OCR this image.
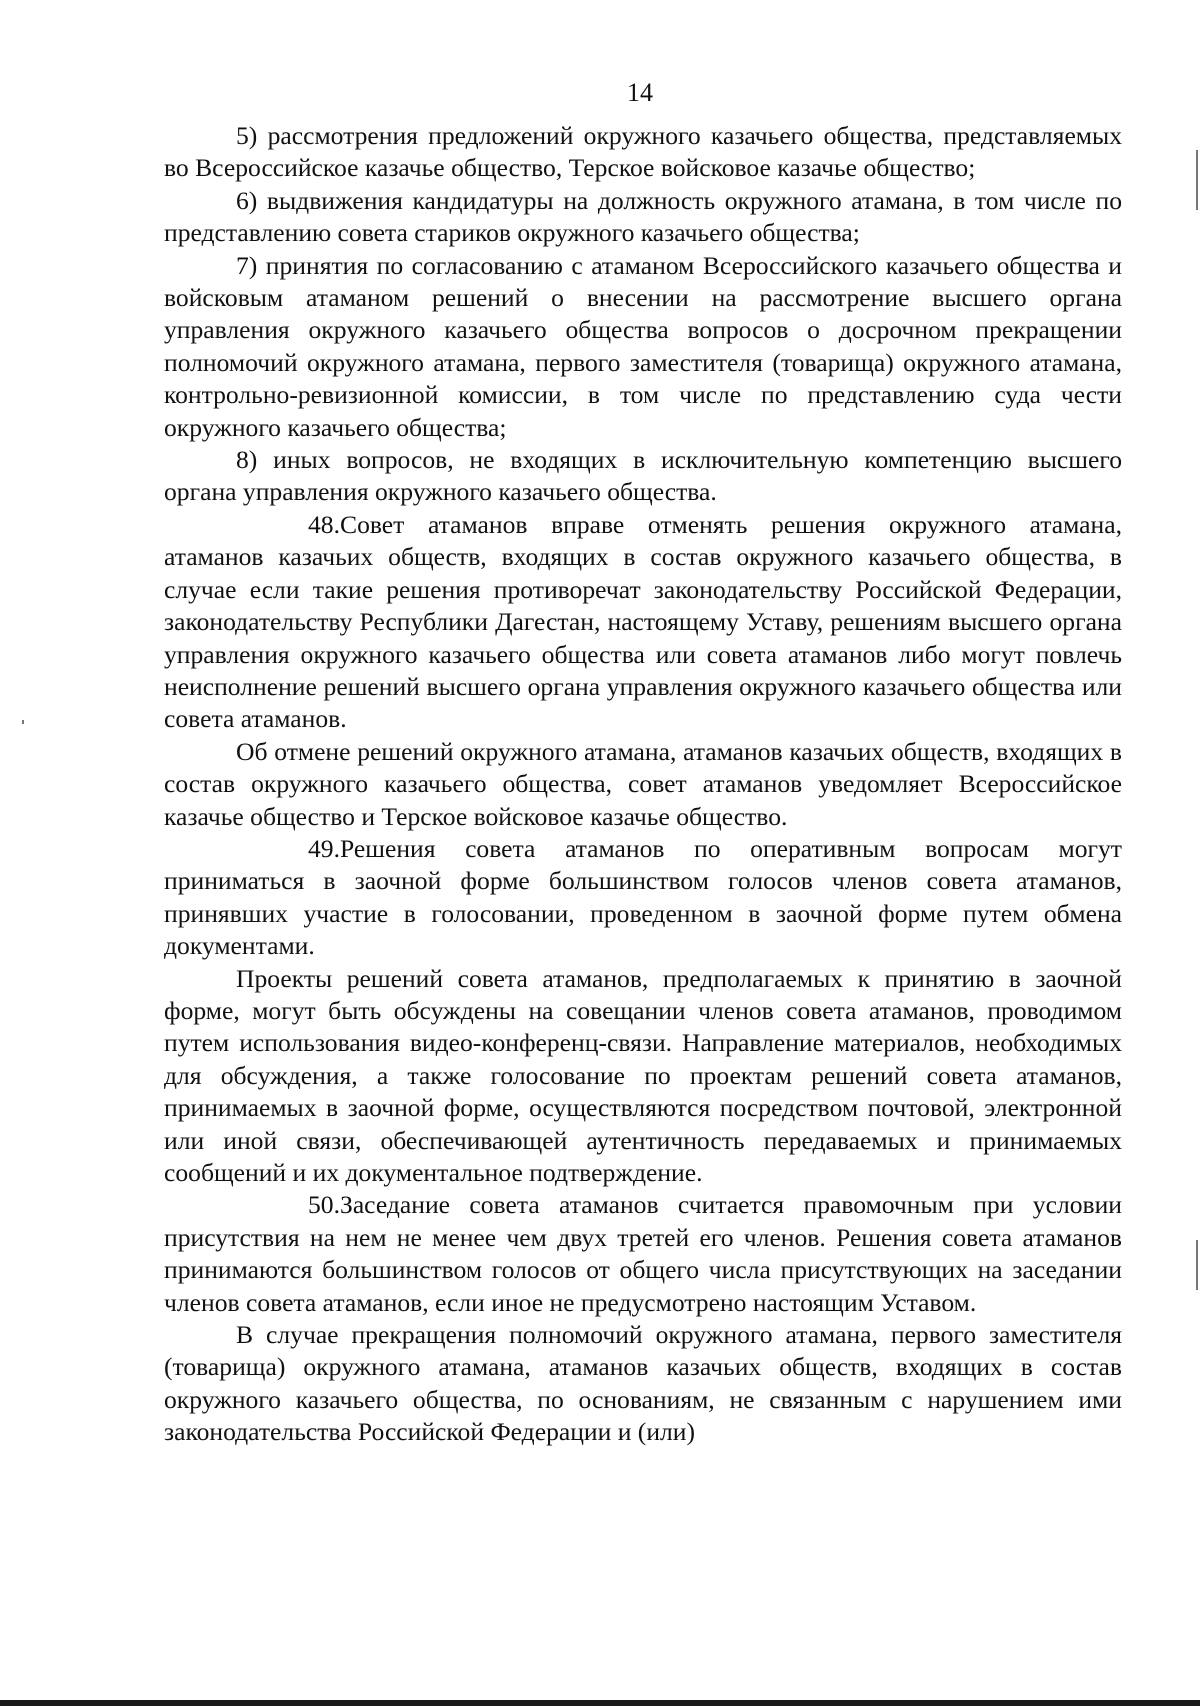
14

5) рассмотрения предложений окружного казачьего общества, представляемых во Всероссийское казачье общество, Терское войсковое казачье общество;

6) выдвижения кандидатуры на должность окружного атамана, в том числе по представлению совета стариков окружного казачьего общества;

7) принятия по согласованию с атаманом Всероссийского казачьего общества и войсковым атаманом решений о внесении на рассмотрение высшего органа управления окружного казачьего общества вопросов о досрочном прекращении полномочий окружного атамана, первого заместителя (товарища) окружного атамана, контрольно-ревизионной комиссии, в том числе по представлению суда чести окружного казачьего общества;

8) иных вопросов, не входящих в исключительную компетенцию высшего органа управления окружного казачьего общества.

48.Совет атаманов вправе отменять решения окружного атамана, атаманов казачьих обществ, входящих в состав окружного казачьего общества, в случае если такие решения противоречат законодательству Российской Федерации, законодательству Республики Дагестан, настоящему Уставу, решениям высшего органа управления окружного казачьего общества или совета атаманов либо могут повлечь неисполнение решений высшего органа управления окружного казачьего общества или совета атаманов.

Об отмене решений окружного атамана, атаманов казачьих обществ, входящих в состав окружного казачьего общества, совет атаманов уведомляет Всероссийское казачье общество и Терское войсковое казачье общество.

49.Решения совета атаманов по оперативным вопросам могут приниматься в заочной форме большинством голосов членов совета атаманов, принявших участие в голосовании, проведенном в заочной форме путем обмена документами.

Проекты решений совета атаманов, предполагаемых к принятию в заочной форме, могут быть обсуждены на совещании членов совета атаманов, проводимом путем использования видео-конференц-связи. Направление материалов, необходимых для обсуждения, а также голосование по проектам решений совета атаманов, принимаемых в заочной форме, осуществляются посредством почтовой, электронной или иной связи, обеспечивающей аутентичность передаваемых и принимаемых сообщений и их документальное подтверждение.

50.Заседание совета атаманов считается правомочным при условии присутствия на нем не менее чем двух третей его членов. Решения совета атаманов принимаются большинством голосов от общего числа присутствующих на заседании членов совета атаманов, если иное не предусмотрено настоящим Уставом.

В случае прекращения полномочий окружного атамана, первого заместителя (товарища) окружного атамана, атаманов казачьих обществ, входящих в состав окружного казачьего общества, по основаниям, не связанным с нарушением ими законодательства Российской Федерации и (или)
